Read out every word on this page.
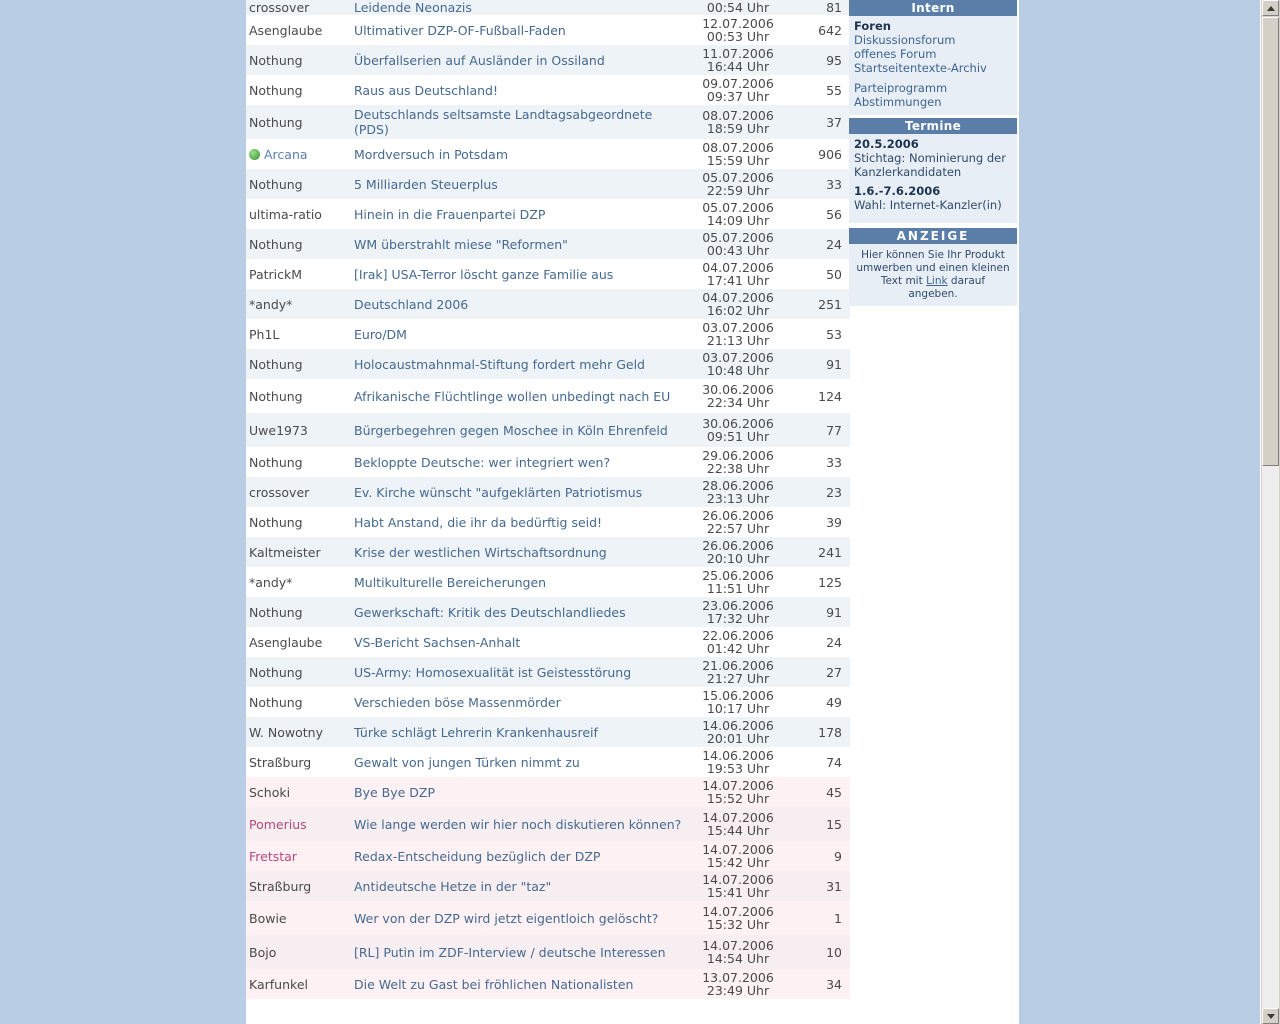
crossover	Leidende Neonazis	00:54 Uhr	81
Asenglaube	Ultimativer DZP-OF-Fußball-Faden	12.07.2006
00:53 Uhr	642
Nothung	Überfallserien auf Ausländer in Ossiland	11.07.2006
16:44 Uhr	95
Nothung	Raus aus Deutschland!	09.07.2006
09:37 Uhr	55
Nothung	Deutschlands seltsamste Landtagsabgeordnete (PDS)	08.07.2006
18:59 Uhr	37
Arcana	Mordversuch in Potsdam	08.07.2006
15:59 Uhr	906
Nothung	5 Milliarden Steuerplus	05.07.2006
22:59 Uhr	33
ultima-ratio	Hinein in die Frauenpartei DZP	05.07.2006
14:09 Uhr	56
Nothung	WM überstrahlt miese "Reformen"	05.07.2006
00:43 Uhr	24
PatrickM	[Irak] USA-Terror löscht ganze Familie aus	04.07.2006
17:41 Uhr	50
*andy*	Deutschland 2006	04.07.2006
16:02 Uhr	251
Ph1L	Euro/DM	03.07.2006
21:13 Uhr	53
Nothung	Holocaustmahnmal-Stiftung fordert mehr Geld	03.07.2006
10:48 Uhr	91
Nothung	Afrikanische Flüchtlinge wollen unbedingt nach EU	30.06.2006
22:34 Uhr	124
Uwe1973	Bürgerbegehren gegen Moschee in Köln Ehrenfeld	30.06.2006
09:51 Uhr	77
Nothung	Bekloppte Deutsche: wer integriert wen?	29.06.2006
22:38 Uhr	33
crossover	Ev. Kirche wünscht "aufgeklärten Patriotismus	28.06.2006
23:13 Uhr	23
Nothung	Habt Anstand, die ihr da bedürftig seid!	26.06.2006
22:57 Uhr	39
Kaltmeister	Krise der westlichen Wirtschaftsordnung	26.06.2006
20:10 Uhr	241
*andy*	Multikulturelle Bereicherungen	25.06.2006
11:51 Uhr	125
Nothung	Gewerkschaft: Kritik des Deutschlandliedes	23.06.2006
17:32 Uhr	91
Asenglaube	VS-Bericht Sachsen-Anhalt	22.06.2006
01:42 Uhr	24
Nothung	US-Army: Homosexualität ist Geistesstörung	21.06.2006
21:27 Uhr	27
Nothung	Verschieden böse Massenmörder	15.06.2006
10:17 Uhr	49
W. Nowotny	Türke schlägt Lehrerin Krankenhausreif	14.06.2006
20:01 Uhr	178
Straßburg	Gewalt von jungen Türken nimmt zu	14.06.2006
19:53 Uhr	74
Schoki	Bye Bye DZP	14.07.2006
15:52 Uhr	45
Pomerius	Wie lange werden wir hier noch diskutieren können?	14.07.2006
15:44 Uhr	15
Fretstar	Redax-Entscheidung bezüglich der DZP	14.07.2006
15:42 Uhr	9
Straßburg	Antideutsche Hetze in der "taz"	14.07.2006
15:41 Uhr	31
Bowie	Wer von der DZP wird jetzt eigentloich gelöscht?	14.07.2006
15:32 Uhr	1
Bojo	[RL] Putin im ZDF-Interview / deutsche Interessen	14.07.2006
14:54 Uhr	10
Karfunkel	Die Welt zu Gast bei fröhlichen Nationalisten	13.07.2006
23:49 Uhr	34
Intern
Foren
Diskussionsforum
offenes Forum
Startseitentexte-Archiv
Parteiprogramm
Abstimmungen
Termine
20.5.2006
Stichtag: Nominierung der Kanzlerkandidaten
1.6.-7.6.2006
Wahl: Internet-Kanzler(in)
ANZEIGE
Hier können Sie Ihr Produkt umwerben und einen kleinen Text mit Link darauf angeben.
